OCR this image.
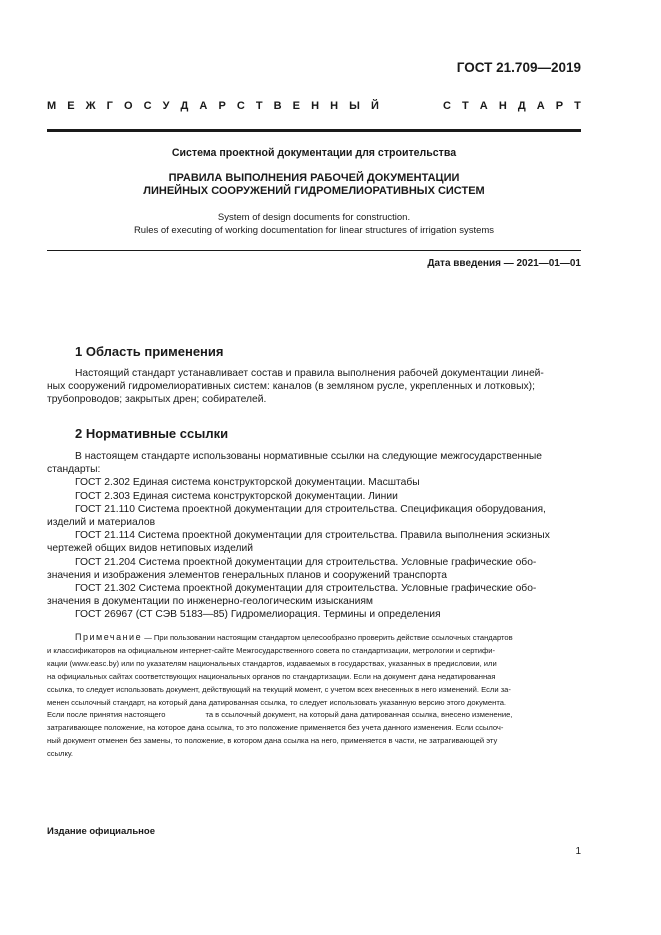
ГОСТ 21.709—2019
М Е Ж Г О С У Д А Р С Т В Е Н Н Ы Й	С Т А Н Д А Р Т
Система проектной документации для строительства
ПРАВИЛА ВЫПОЛНЕНИЯ РАБОЧЕЙ ДОКУМЕНТАЦИИ
ЛИНЕЙНЫХ СООРУЖЕНИЙ ГИДРОМЕЛИОРАТИВНЫХ СИСТЕМ
System of design documents for construction.
Rules of executing of working documentation for linear structures of irrigation systems
Дата введения — 2021—01—01
1 Область применения
Настоящий стандарт устанавливает состав и правила выполнения рабочей документации линей-
ных сооружений гидромелиоративных систем: каналов (в земляном русле, укрепленных и лотковых);
трубопроводов; закрытых дрен; собирателей.
2 Нормативные ссылки
В настоящем стандарте использованы нормативные ссылки на следующие межгосударственные
стандарты:
ГОСТ 2.302 Единая система конструкторской документации. Масштабы
ГОСТ 2.303 Единая система конструкторской документации. Линии
ГОСТ 21.110 Система проектной документации для строительства. Спецификация оборудования,
изделий и материалов
ГОСТ 21.114 Система проектной документации для строительства. Правила выполнения эскизных
чертежей общих видов нетиповых изделий
ГОСТ 21.204 Система проектной документации для строительства. Условные графические обо-
значения и изображения элементов генеральных планов и сооружений транспорта
ГОСТ 21.302 Система проектной документации для строительства. Условные графические обо-
значения в документации по инженерно-геологическим изысканиям
ГОСТ 26967 (СТ СЭВ 5183—85) Гидромелиорация. Термины и определения
Примечание — При пользовании настоящим стандартом целесообразно проверить действие ссылочных стандартов
и классификаторов на официальном интернет-сайте Межгосударственного совета по стандартизации, метрологии и сертифи-
кации (www.easc.by) или по указателям национальных стандартов, издаваемых в государствах, указанных в предисловии, или
на официальных сайтах соответствующих национальных органов по стандартизации. Если на документ дана недатированная
ссылка, то следует использовать документ, действующий на текущий момент, с учетом всех внесенных в него изменений. Если за-
менен ссылочный стандарт, на который дана датированная ссылка, то следует использовать указанную версию этого документа.
Если после принятия настоящего	та в ссылочный документ, на который дана датированная ссылка, внесено изменение,
затрагивающее положение, на которое дана ссылка, то это положение применяется без учета данного изменения. Если ссылоч-
ный документ отменен без замены, то положение, в котором дана ссылка на него, применяется в части, не затрагивающей эту
ссылку.
Издание официальное
1
